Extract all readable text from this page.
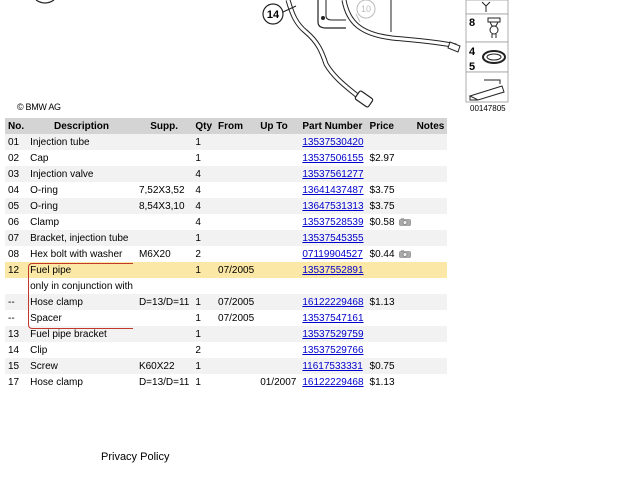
10
14
8
4
5
© BMW AG	00147805
No.	Description	Supp.	Qty	From	Up To	Part Number	Price	Notes
01	Injection tube		1			13537530420		
02	Cap		1			13537506155	$2.97	
03	Injection valve		4			13537561277		
04	O-ring	7,52X3,52	4			13641437487	$3.75	
05	O-ring	8,54X3,10	4			13647531313	$3.75	
06	Clamp		4			13537528539	$0.58	
07	Bracket, injection tube		1			13537545355		
08	Hex bolt with washer	M6X20	2			07119904527	$0.44	
12	Fuel pipe		1	07/2005		13537552891		
	only in conjunction with							
--	Hose clamp	D=13/D=11	1	07/2005		16122229468	$1.13	
--	Spacer		1	07/2005		13537547161		
13	Fuel pipe bracket		1			13537529759		
14	Clip		2			13537529766		
15	Screw	K60X22	1			11617533331	$0.75	
17	Hose clamp	D=13/D=11	1		01/2007	16122229468	$1.13	
Privacy Policy
